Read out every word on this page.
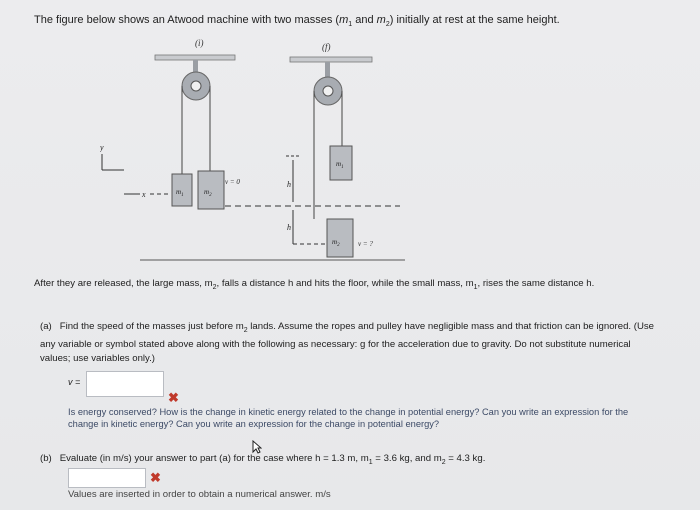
The figure below shows an Atwood machine with two masses ($m_1$ and $m_2$) initially at rest at the same height.
(i)	(f)
$m_1$	$m_2$
y
x
v = 0
$m_1$
$m_2$	v = ?
h
h
After they are released, the large mass, $m_2$, falls a distance h and hits the floor, while the small mass, $m_1$, rises the same distance h.
(a) Find the speed of the masses just before $m_2$ lands. Assume the ropes and pulley have negligible mass and that friction can be ignored. (Use any variable or symbol stated above along with the following as necessary: g for the acceleration due to gravity. Do not substitute numerical values; use variables only.)
v =
✖
Is energy conserved? How is the change in kinetic energy related to the change in potential energy? Can you write an expression for the change in kinetic energy? Can you write an expression for the change in potential energy?
(b) Evaluate (in m/s) your answer to part (a) for the case where h = 1.3 m, $m_1 = 3.6$ kg, and $m_2 = 4.3$ kg.
✖
Values are inserted in order to obtain a numerical answer. m/s
